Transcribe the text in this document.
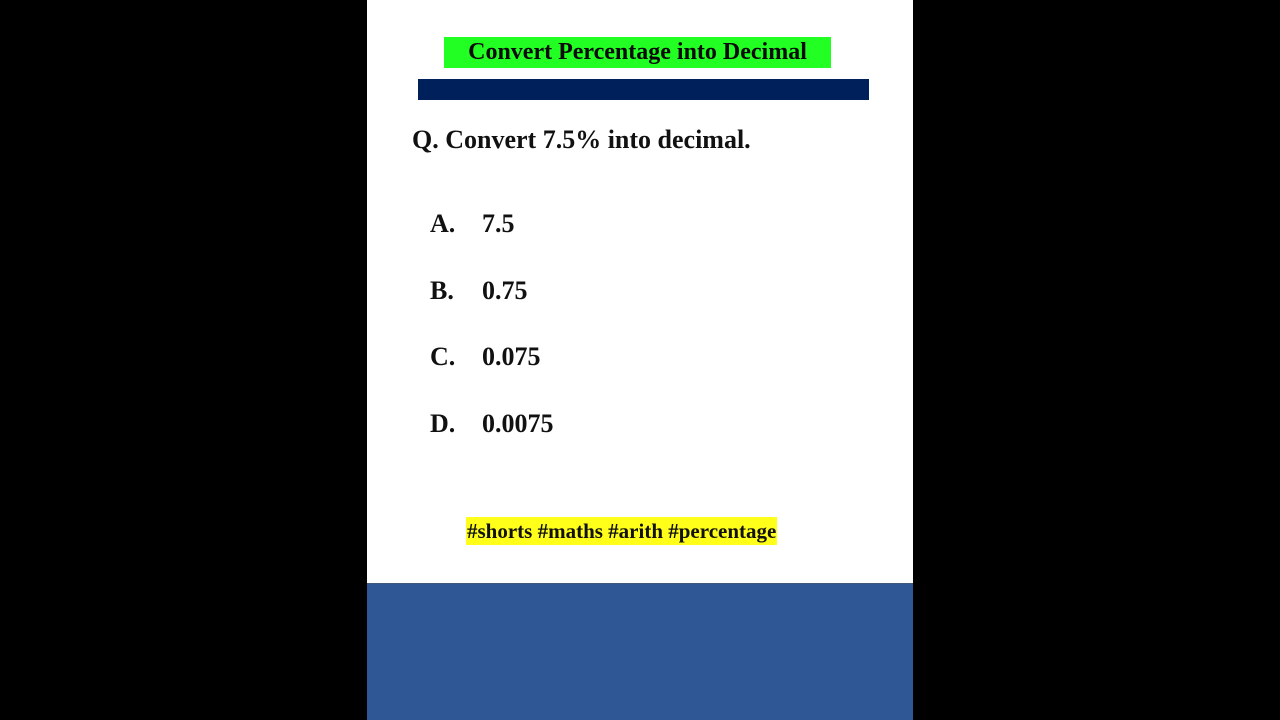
Convert Percentage into Decimal
Q. Convert 7.5% into decimal.
A.	7.5
B.	0.75
C.	0.075
D.	0.0075
#shorts #maths #arith #percentage
